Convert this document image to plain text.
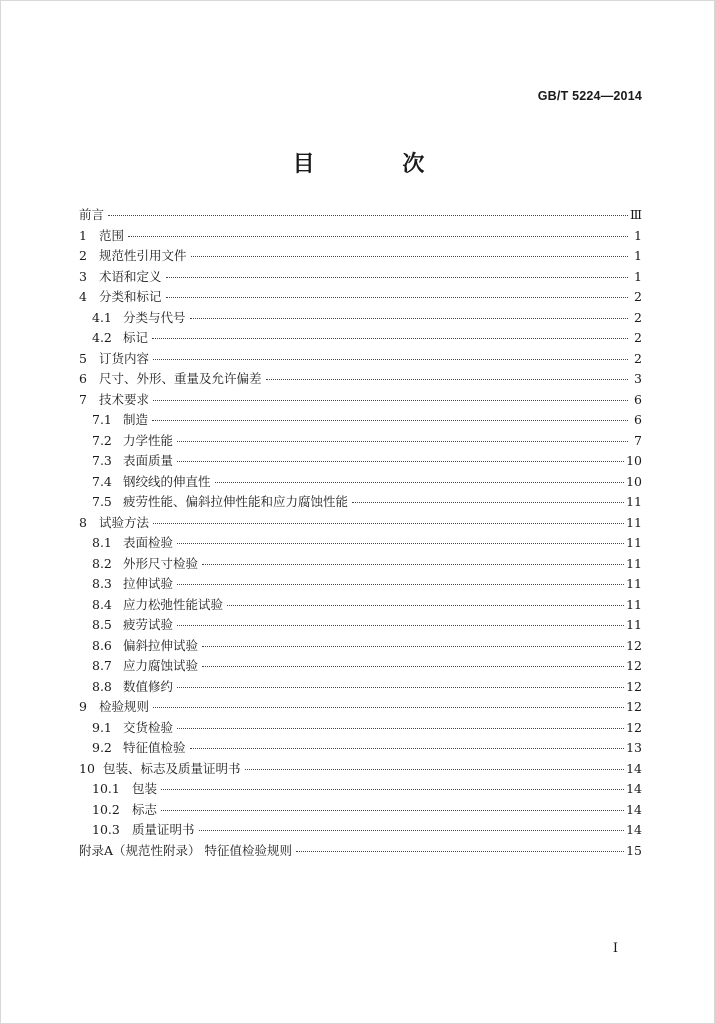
GB/T 5224—2014
目 次
前言	Ⅲ
1 范围	1
2 规范性引用文件	1
3 术语和定义	1
4 分类和标记	2
4.1 分类与代号	2
4.2 标记	2
5 订货内容	2
6 尺寸、外形、重量及允许偏差	3
7 技术要求	6
7.1 制造	6
7.2 力学性能	7
7.3 表面质量	10
7.4 钢绞线的伸直性	10
7.5 疲劳性能、偏斜拉伸性能和应力腐蚀性能	11
8 试验方法	11
8.1 表面检验	11
8.2 外形尺寸检验	11
8.3 拉伸试验	11
8.4 应力松弛性能试验	11
8.5 疲劳试验	11
8.6 偏斜拉伸试验	12
8.7 应力腐蚀试验	12
8.8 数值修约	12
9 检验规则	12
9.1 交货检验	12
9.2 特征值检验	13
10 包装、标志及质量证明书	14
10.1 包装	14
10.2 标志	14
10.3 质量证明书	14
附录A（规范性附录） 特征值检验规则	15
I
